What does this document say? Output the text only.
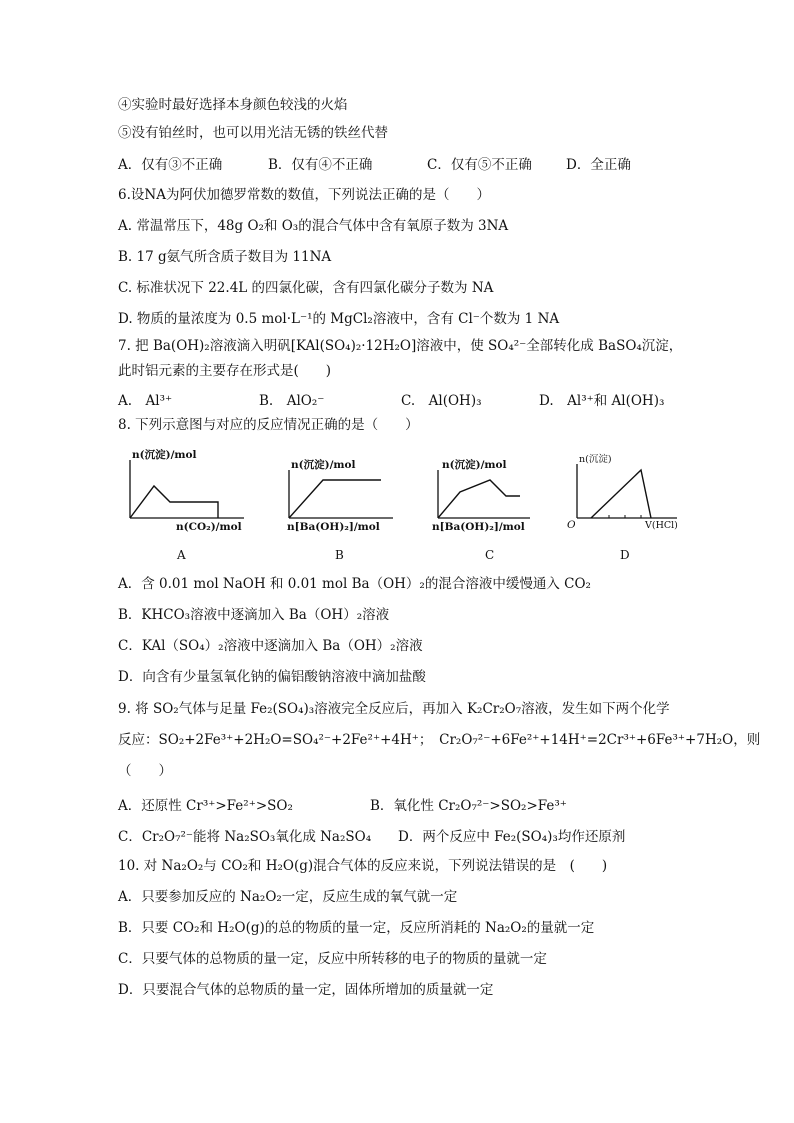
④实验时最好选择本身颜色较浅的火焰
⑤没有铂丝时，也可以用光洁无锈的铁丝代替
A．仅有③不正确	B．仅有④不正确	C．仅有⑤不正确	D．全正确
6.设NA为阿伏加德罗常数的数值，下列说法正确的是（　　）
A. 常温常压下，48g O₂和 O₃的混合气体中含有氧原子数为 3NA
B. 17 g氨气所含质子数目为 11NA
C. 标准状况下 22.4L 的四氯化碳，含有四氯化碳分子数为 NA
D. 物质的量浓度为 0.5 mol·L⁻¹的 MgCl₂溶液中，含有 Cl⁻个数为 1 NA
7. 把 Ba(OH)₂溶液滴入明矾[KAl(SO₄)₂·12H₂O]溶液中，使 SO₄²⁻全部转化成 BaSO₄沉淀，
此时铝元素的主要存在形式是(　　)
A.　Al³⁺	B.　AlO₂⁻	C.　Al(OH)₃	D.　Al³⁺和 Al(OH)₃
8. 下列示意图与对应的反应情况正确的是（　　）
n(沉淀)/mol
n(CO₂)/mol
A
n(沉淀)/mol
n[Ba(OH)₂]/mol
B
n(沉淀)/mol
n[Ba(OH)₂]/mol
C
n(沉淀)
O	V(HCl)
D
A．含 0.01 mol NaOH 和 0.01 mol Ba（OH）₂的混合溶液中缓慢通入 CO₂
B．KHCO₃溶液中逐滴加入 Ba（OH）₂溶液
C．KAl（SO₄）₂溶液中逐滴加入 Ba（OH）₂溶液
D．向含有少量氢氧化钠的偏铝酸钠溶液中滴加盐酸
9. 将 SO₂气体与足量 Fe₂(SO₄)₃溶液完全反应后，再加入 K₂Cr₂O₇溶液，发生如下两个化学
反应：SO₂+2Fe³⁺+2H₂O=SO₄²⁻+2Fe²⁺+4H⁺；　Cr₂O₇²⁻+6Fe²⁺+14H⁺=2Cr³⁺+6Fe³⁺+7H₂O，则
（　　）
A．还原性 Cr³⁺>Fe²⁺>SO₂	B．氧化性 Cr₂O₇²⁻>SO₂>Fe³⁺
C．Cr₂O₇²⁻能将 Na₂SO₃氧化成 Na₂SO₄ D．两个反应中 Fe₂(SO₄)₃均作还原剂
10. 对 Na₂O₂与 CO₂和 H₂O(g)混合气体的反应来说，下列说法错误的是　(　　)
A．只要参加反应的 Na₂O₂一定，反应生成的氧气就一定
B．只要 CO₂和 H₂O(g)的总的物质的量一定，反应所消耗的 Na₂O₂的量就一定
C．只要气体的总物质的量一定，反应中所转移的电子的物质的量就一定
D．只要混合气体的总物质的量一定，固体所增加的质量就一定
